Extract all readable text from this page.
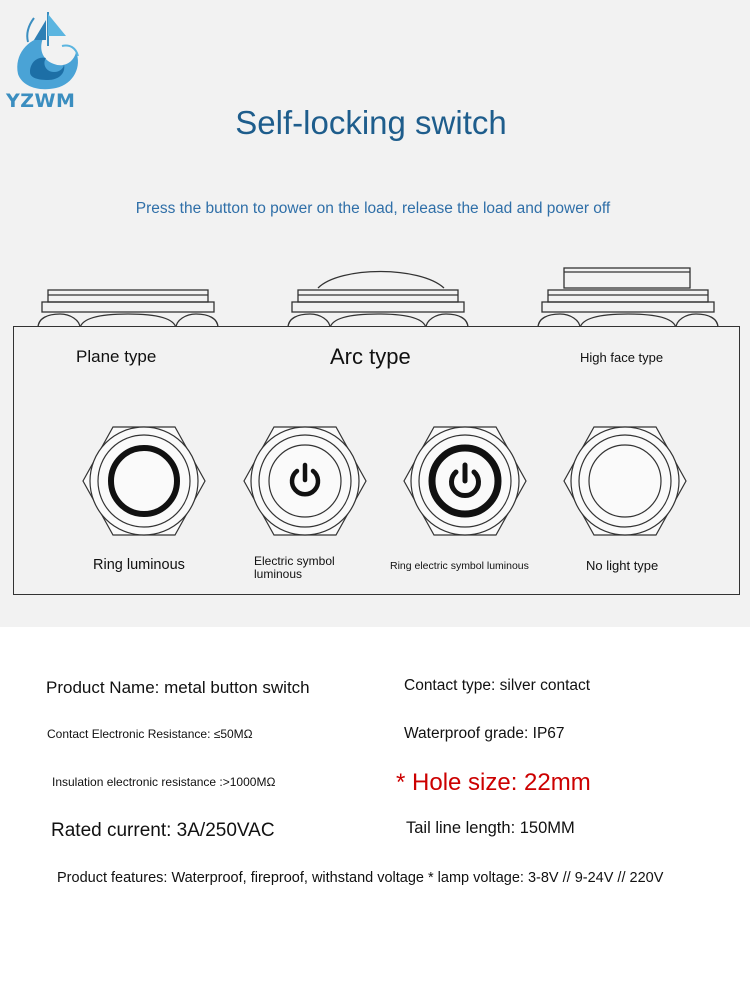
YZWM
Self-locking switch
Press the button to power on the load, release the load and power off
Plane type	Arc type	High face type
Ring luminous	Electric symbol luminous
Ring electric symbol luminous	No light type
Product Name: metal button switch	Contact type: silver contact
Contact Electronic Resistance: ≤50MΩ	Waterproof grade: IP67
Insulation electronic resistance :>1000MΩ	* Hole size: 22mm
Rated current: 3A/250VAC	Tail line length: 150MM
Product features: Waterproof, fireproof, withstand voltage * lamp voltage: 3-8V // 9-24V // 220V
